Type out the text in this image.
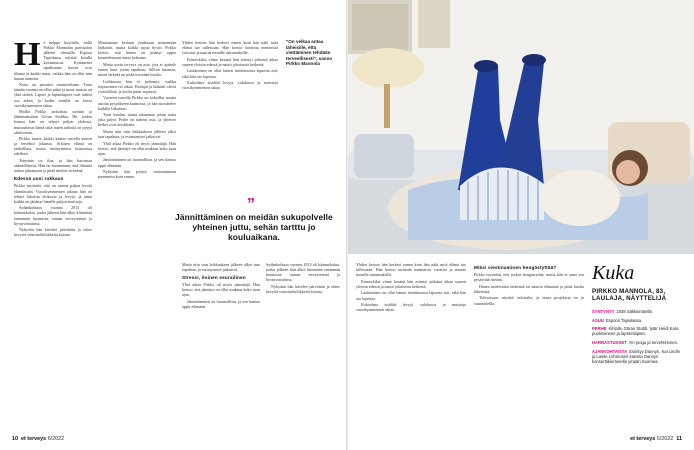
H e helppo kuvitella, millä Pirkko Mannolan pariskalon jälkeen olemalla Espoon Tapiolassa näyttää kotalla kuvaamassa. Kymmenet tapahtumat kuvan ovat tilanne ja kaikki muut, vaikka hän on ollut niin kauan tunnettu.

Notta on paratiisi suunniteltuna. Tuttu tänään vuonna on ollut pitkä ja moni muisto on yhtä tärkeä. Lapset ja lapsenlapset ovat tärkeä osa arkea, ja kodin seinillä on kuvia vuosikymmenten takaa.

Mollia Pirkko tarkoittaa itseään ja lähimmäistään Göran Stubbia. He, joiden kanssa hän on tehnyt paljon yhdessä, muistuttavat häntä siitä miten tärkeää on pysyä aktiivisena.

Pirkko tuntee kaikki kadun varrella asuvat ja tervehtii jokaista. Arkinen elämä on rauhallista, mutta esiintyminen kiinnostaa edelleen.

Toiminta on iloa, ja hän harrastaa säännöllisesti. Hän on huomannut, että liikunta auttaa jaksamaan ja pitää mielen virkeänä.

Edessä uusi rukkaus

Pirkko myöntää, että on saanut paljon hyvää elämässään. Vuosikymmenten aikana hän on tehnyt lukuisia elokuvia ja levyjä, ja tämä kaikki on jättänyt hänelle paljon muistoja.

Sydänkohtaus vuonna 2013 oli käännekohta, jonka jälkeen hän alkoi kiinnittää enemmän huomiota omaan terveyteensä ja hyvinvointiinsa.

Nykyään hän kävelee päivittäin ja tekee kevyitä voimisteluliikkeitä kotona.

Muutamaan kertaan joudutaan menemään lääkäriin, mutta kaikki sujuu hyvin. Pirkko kertoo, että hänen on pitänyt oppia kuuntelemaan omaa kehoaan.

Mutta usein terveys on asia, jota ei ajattele ennen kuin jotain tapahtuu. Silloin huomaa, miten tärkeää on pitää itsestään huolta.

Leikkausta hän ei pelännyt, vaikka toipuminen vei aikaa. Hoitajat ja lääkärit olivat ystävällisiä, ja kotiin pääsi nopeasti.

Vuoteen varrella Pirkko on kokeillut monia asioita pysyäkseen kunnossa, ja hän suosittelee kaikille liikuntaa.

Tytär kuuluu, mutta aikaansaa jotain uutta joka päivä. Perhe on tärkein asia, ja yhteiset hetket ovat arvokkaita.

Mutta niin vain leikkauksen jälkeen alkoi taas tapahtua, ja esiintymiset jatkuivat.

Yhtä aikaa Pirkko oli myös jännittäjä. Hän kertoo, että jännitys on ollut mukana koko uran ajan.

Jännittäminen on luonnollista, ja sen kanssa oppii elämään.

Nykyään hän pystyy rentoutumaan paremmin kuin ennen.

Yhden ketoon hän kerkesi ennen kuin hän näki mitä elämä tuo tullessaan. Hän kertoo tarinoita menneistä vuosista ja nauraa monille sattumuksille.

Esimerkiksi viime kesänä hän esiintyi pitkästä aikaa suuren yleisön edessä ja nautti jokaisesta hetkestä.

Laulaminen on ollut hänen intohimonsa lapsesta asti, eikä hän aio lopettaa.

Kokoelma sisältää levyjä, valokuvia ja muistoja vuosikymmenten takaa.

”On velkaa antaa läheisille, että viettäminen tehdään terveellisesti”, sanoo Pirkko Mannola
”
Jännittäminen on meidän sukupolvelle yhteinen juttu, sehän tartttu jo kouluaikana.

Mutta niin vain leikkauksen jälkeen alkoi taas tapahtua, ja esiintymiset jatkuivat.

Stressi, iloinen seurailinen

Yhtä aikaa Pirkko oli myös jännittäjä. Hän kertoo, että jännitys on ollut mukana koko uran ajan.

Jännittäminen on luonnollista, ja sen kanssa oppii elämään.

Sydänkohtaus vuonna 2013 oli käännekohta, jonka jälkeen hän alkoi kiinnittää enemmän huomiota omaan terveyteensä ja hyvinvointiinsa.

Nykyään hän kävelee päivittäin ja tekee kevyitä voimisteluliikkeitä kotona.

10 et terveys 6/2022

Yhden ketoon hän kerkesi ennen kuin hän näki mitä elämä tuo tullessaan. Hän kertoo tarinoita menneistä vuosista ja nauraa monille sattumuksille.

Esimerkiksi viime kesänä hän esiintyi pitkästä aikaa suuren yleisön edessä ja nautti jokaisesta hetkestä.

Laulaminen on ollut hänen intohimonsa lapsesta asti, eikä hän aio lopettaa.

Kokoelma sisältää levyjä, valokuvia ja muistoja vuosikymmenten takaa.

Miksi viestinaminen hengästyttää?

Pirkko myöntää, että joskus hengästyttää, mutta hän ei anna sen pysäyttää itseään.

Hänen mielestään tärkeintä on nauttia elämästä ja pitää huolta läheisistä.

Tulevaisuus näyttää valoisalta, ja uusia projekteja on jo suunnitteilla.

Kuka
PIRKKO MANNOLA, 83, LAULAJA, NÄYTTELIJÄ
SYNTYNYT 1938 Säkkinmäellä.
ASUU Espoon Tapiolassa.
PERHE Kihlattu Göran Stubb, tytär Heidi Kara puolisoineen ja lapsenlapset.
HARRASTUKSET Yin-jooga ja tervehtiminen.
AJANKOHTAISTA Esiintyy Dannyn, Kai Lindin ja Lasse Lehmusen kanssa Dannyn konserttikiertueella ympäri Suomea.
et terveys 6/2022 11
